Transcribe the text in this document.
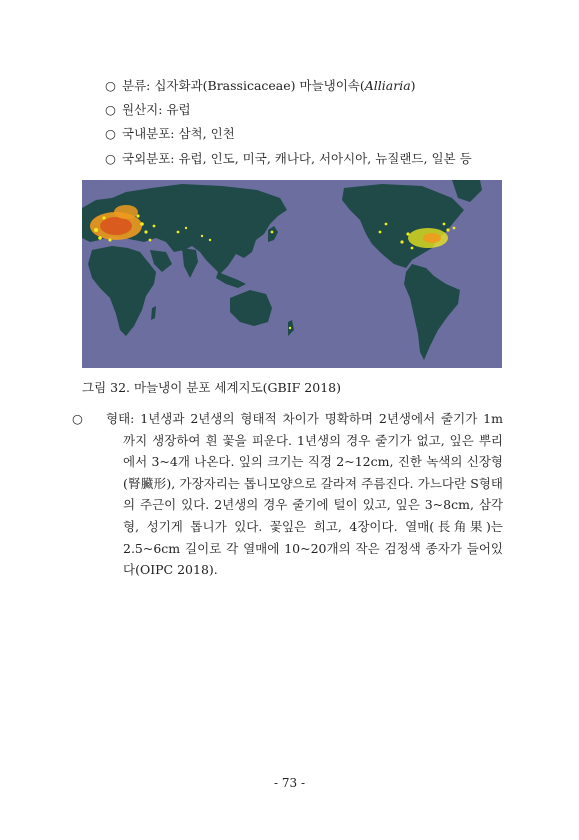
○ 분류: 십자화과(Brassicaceae) 마늘냉이속(Alliaria)
○ 원산지: 유럽
○ 국내분포: 삼척, 인천
○ 국외분포: 유럽, 인도, 미국, 캐나다, 서아시아, 뉴질랜드, 일본 등
그림 32. 마늘냉이 분포 세계지도(GBIF 2018)

○ 형태: 1년생과 2년생의 형태적 차이가 명확하며 2년생에서 줄기가 1m 까지 생장하여 흰 꽃을 피운다. 1년생의 경우 줄기가 없고, 잎은 뿌리에서 3~4개 나온다. 잎의 크기는 직경 2~12cm, 진한 녹색의 신장형(腎臟形), 가장자리는 톱니모양으로 갈라져 주름진다. 가느다란 S형태의 주근이 있다. 2년생의 경우 줄기에 털이 있고, 잎은 3~8cm, 삼각형, 성기게 톱니가 있다. 꽃잎은 희고, 4장이다. 열매(長角果)는 2.5~6cm 길이로 각 열매에 10~20개의 작은 검정색 종자가 들어있다(OIPC 2018).

- 73 -
